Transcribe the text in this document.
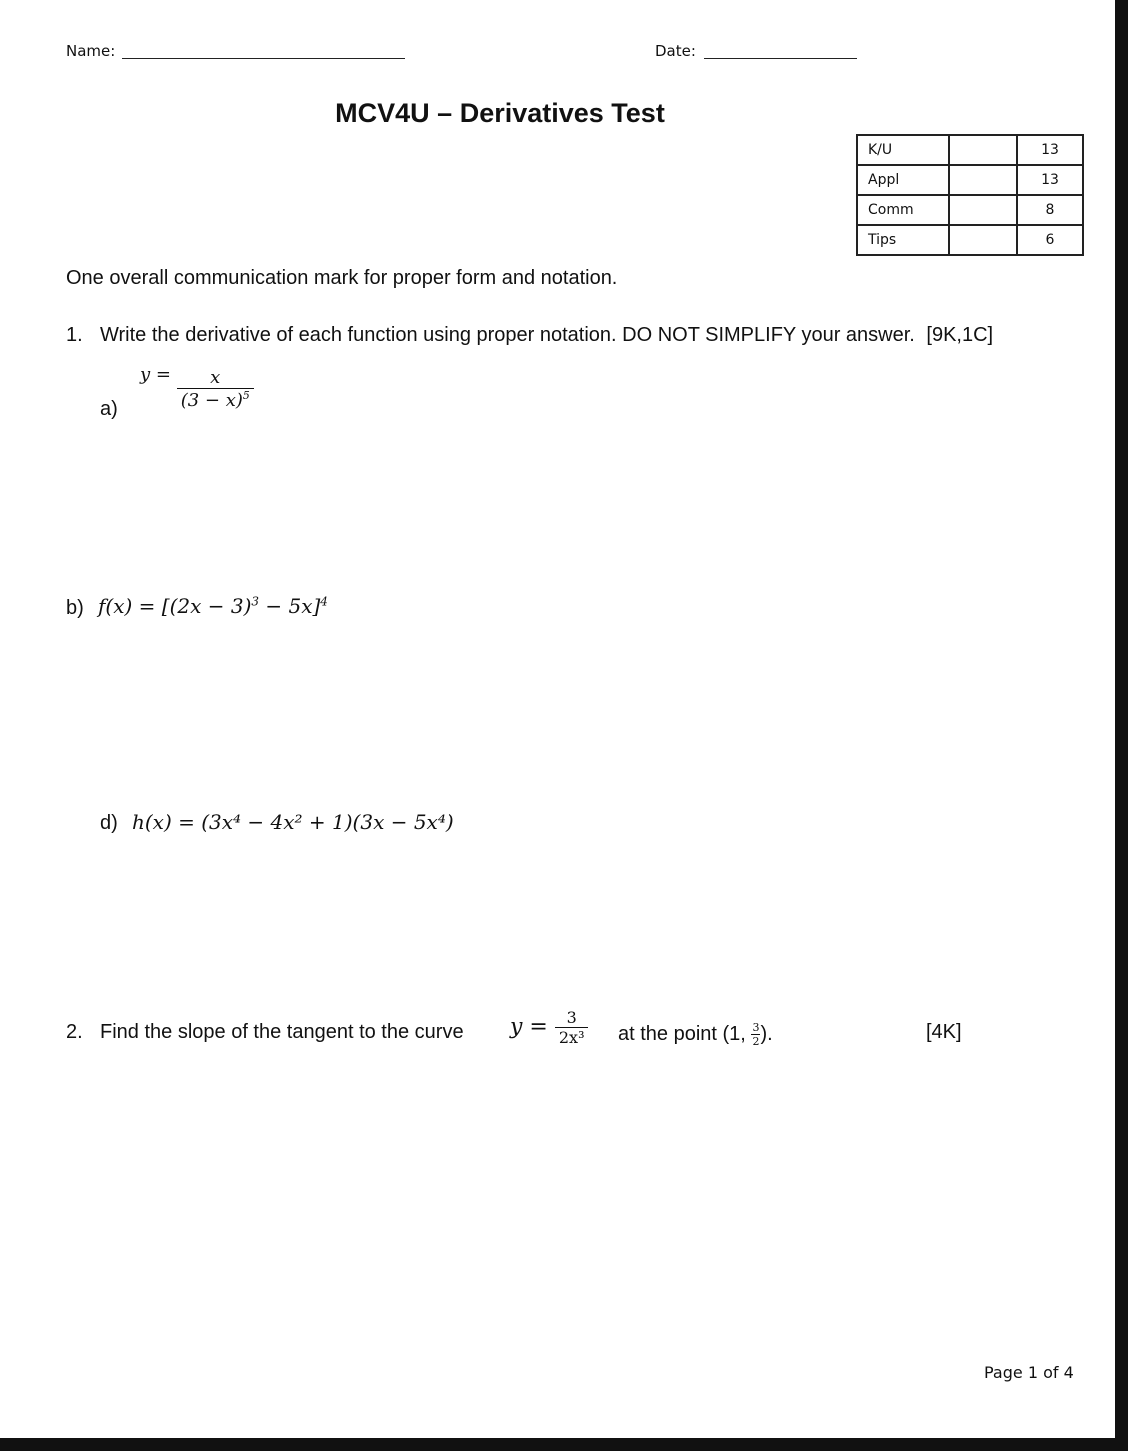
Name:	Date:
MCV4U – Derivatives Test
K/U		13
Appl		13
Comm		8
Tips		6
One overall communication mark for proper form and notation.
1. Write the derivative of each function using proper notation. DO NOT SIMPLIFY your answer. [9K,1C]
a)
$y = \frac{x}{(3 - x)^5}$
b) $f(x) = [(2x - 3)^3 - 5x]^4$
d) h(x) = (3x⁴ − 4x² + 1)(3x − 5x⁴)
2. Find the slope of the tangent to the curve $y = \frac{3}{\text{2x³}}$ at the point (1, $\frac{3}{2}$ ).	[4K]
Page 1 of 4
